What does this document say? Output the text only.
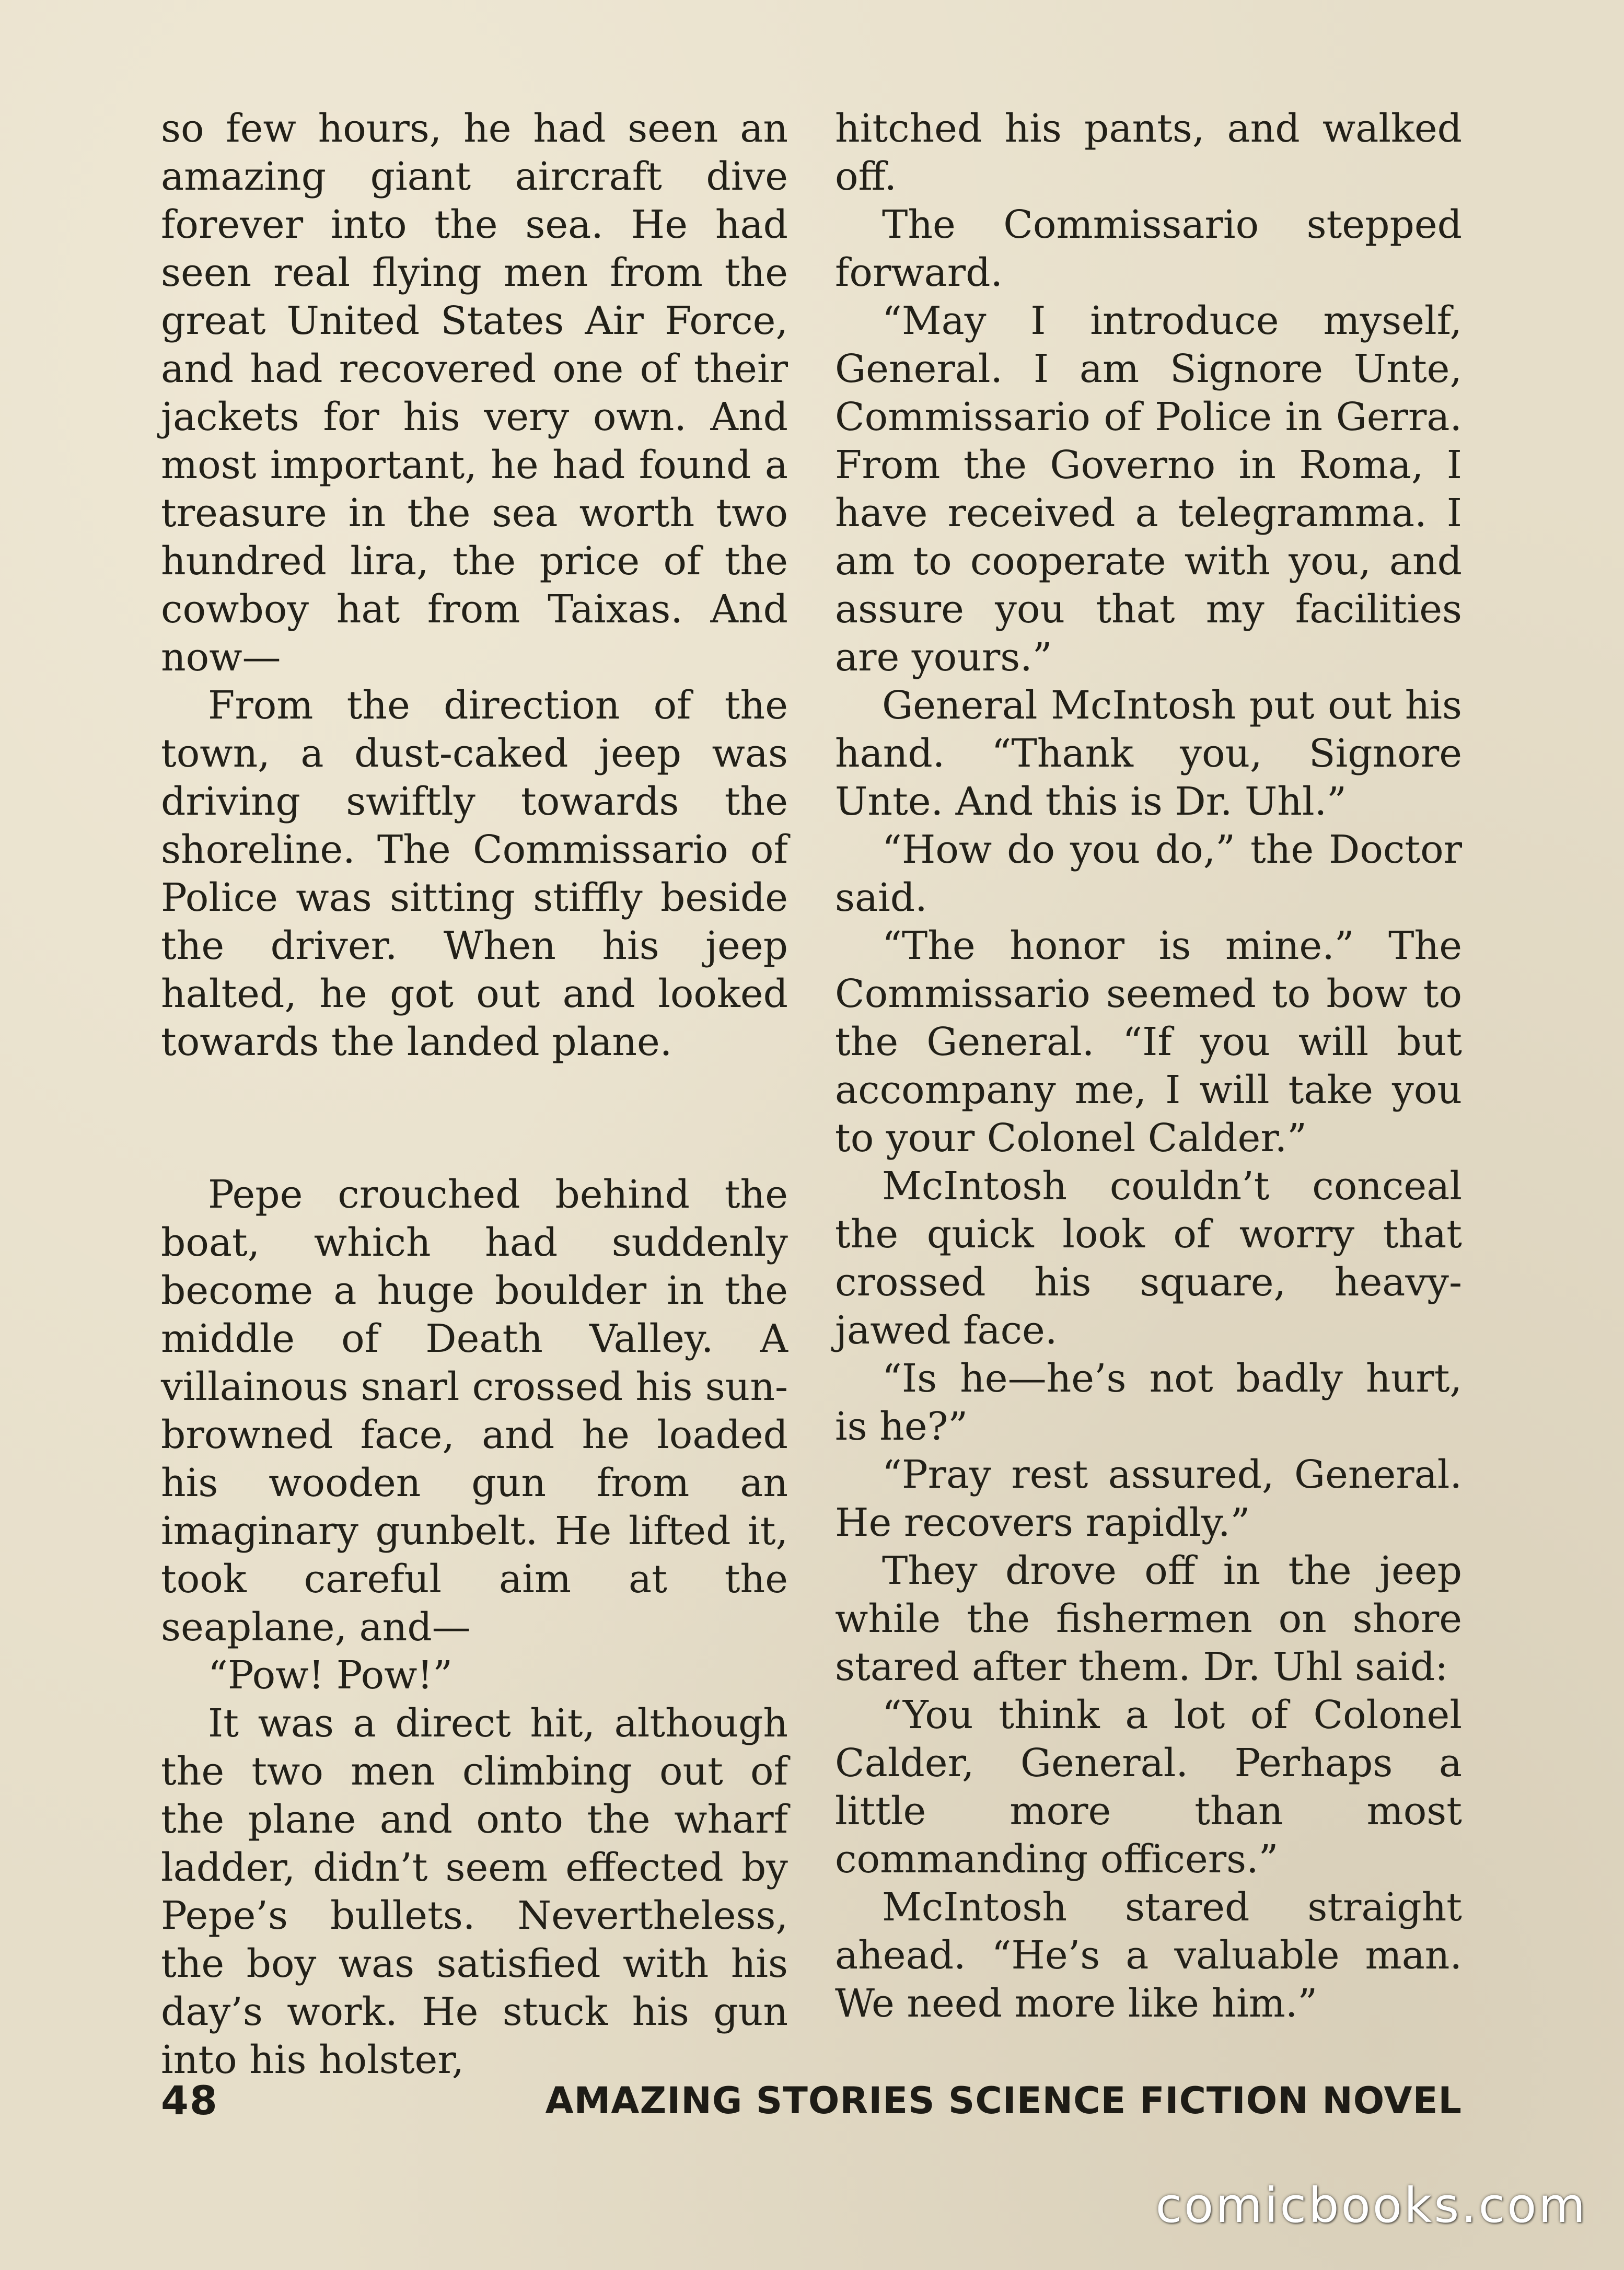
so few hours, he had seen an amazing giant aircraft dive forever into the sea. He had seen real flying men from the great United States Air Force, and had recovered one of their jackets for his very own. And most important, he had found a treasure in the sea worth two hundred lira, the price of the cowboy hat from Taixas. And now—

From the direction of the town, a dust-caked jeep was driving swiftly towards the shoreline. The Commissario of Police was sitting stiffly beside the driver. When his jeep halted, he got out and looked towards the landed plane.

Pepe crouched behind the boat, which had suddenly become a huge boulder in the middle of Death Valley. A villainous snarl crossed his sun-browned face, and he loaded his wooden gun from an imaginary gunbelt. He lifted it, took careful aim at the seaplane, and—

“Pow! Pow!”

It was a direct hit, although the two men climbing out of the plane and onto the wharf ladder, didn’t seem effected by Pepe’s bullets. Nevertheless, the boy was satisfied with his day’s work. He stuck his gun into his holster,

hitched his pants, and walked off.

The Commissario stepped forward.

“May I introduce myself, General. I am Signore Unte, Commissario of Police in Gerra. From the Governo in Roma, I have received a telegramma. I am to cooperate with you, and assure you that my facilities are yours.”

General McIntosh put out his hand. “Thank you, Signore Unte. And this is Dr. Uhl.”

“How do you do,” the Doctor said.

“The honor is mine.” The Commissario seemed to bow to the General. “If you will but accompany me, I will take you to your Colonel Calder.”

McIntosh couldn’t conceal the quick look of worry that crossed his square, heavy-jawed face.

“Is he—he’s not badly hurt, is he?”

“Pray rest assured, General. He recovers rapidly.”

They drove off in the jeep while the fishermen on shore stared after them. Dr. Uhl said:

“You think a lot of Colonel Calder, General. Perhaps a little more than most commanding officers.”

McIntosh stared straight ahead. “He’s a valuable man. We need more like him.”

48	AMAZING STORIES SCIENCE FICTION NOVEL
comicbooks.com
